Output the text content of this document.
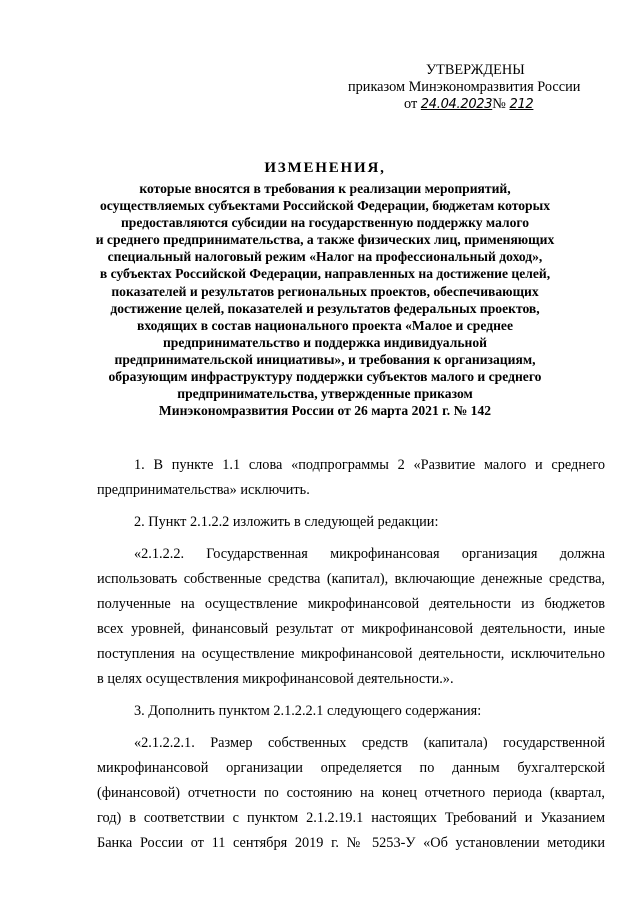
УТВЕРЖДЕНЫ
приказом Минэкономразвития России
от 24.04.2023№ 212
ИЗМЕНЕНИЯ,
которые вносятся в требования к реализации мероприятий,
осуществляемых субъектами Российской Федерации, бюджетам которых
предоставляются субсидии на государственную поддержку малого
и среднего предпринимательства, а также физических лиц, применяющих
специальный налоговый режим «Налог на профессиональный доход»,
в субъектах Российской Федерации, направленных на достижение целей,
показателей и результатов региональных проектов, обеспечивающих
достижение целей, показателей и результатов федеральных проектов,
входящих в состав национального проекта «Малое и среднее
предпринимательство и поддержка индивидуальной
предпринимательской инициативы», и требования к организациям,
образующим инфраструктуру поддержки субъектов малого и среднего
предпринимательства, утвержденные приказом
Минэкономразвития России от 26 марта 2021 г. № 142
1. В пункте 1.1 слова «подпрограммы 2 «Развитие малого и среднего
предпринимательства» исключить.
2. Пункт 2.1.2.2 изложить в следующей редакции:
«2.1.2.2. Государственная микрофинансовая организация должна
использовать собственные средства (капитал), включающие денежные средства,
полученные на осуществление микрофинансовой деятельности из бюджетов
всех уровней, финансовый результат от микрофинансовой деятельности, иные
поступления на осуществление микрофинансовой деятельности, исключительно
в целях осуществления микрофинансовой деятельности.».
3. Дополнить пунктом 2.1.2.2.1 следующего содержания:
«2.1.2.2.1. Размер собственных средств (капитала) государственной
микрофинансовой организации определяется по данным бухгалтерской
(финансовой) отчетности по состоянию на конец отчетного периода (квартал,
год) в соответствии с пунктом 2.1.2.19.1 настоящих Требований и Указанием
Банка России от 11 сентября 2019 г. № 5253-У «Об установлении методики
